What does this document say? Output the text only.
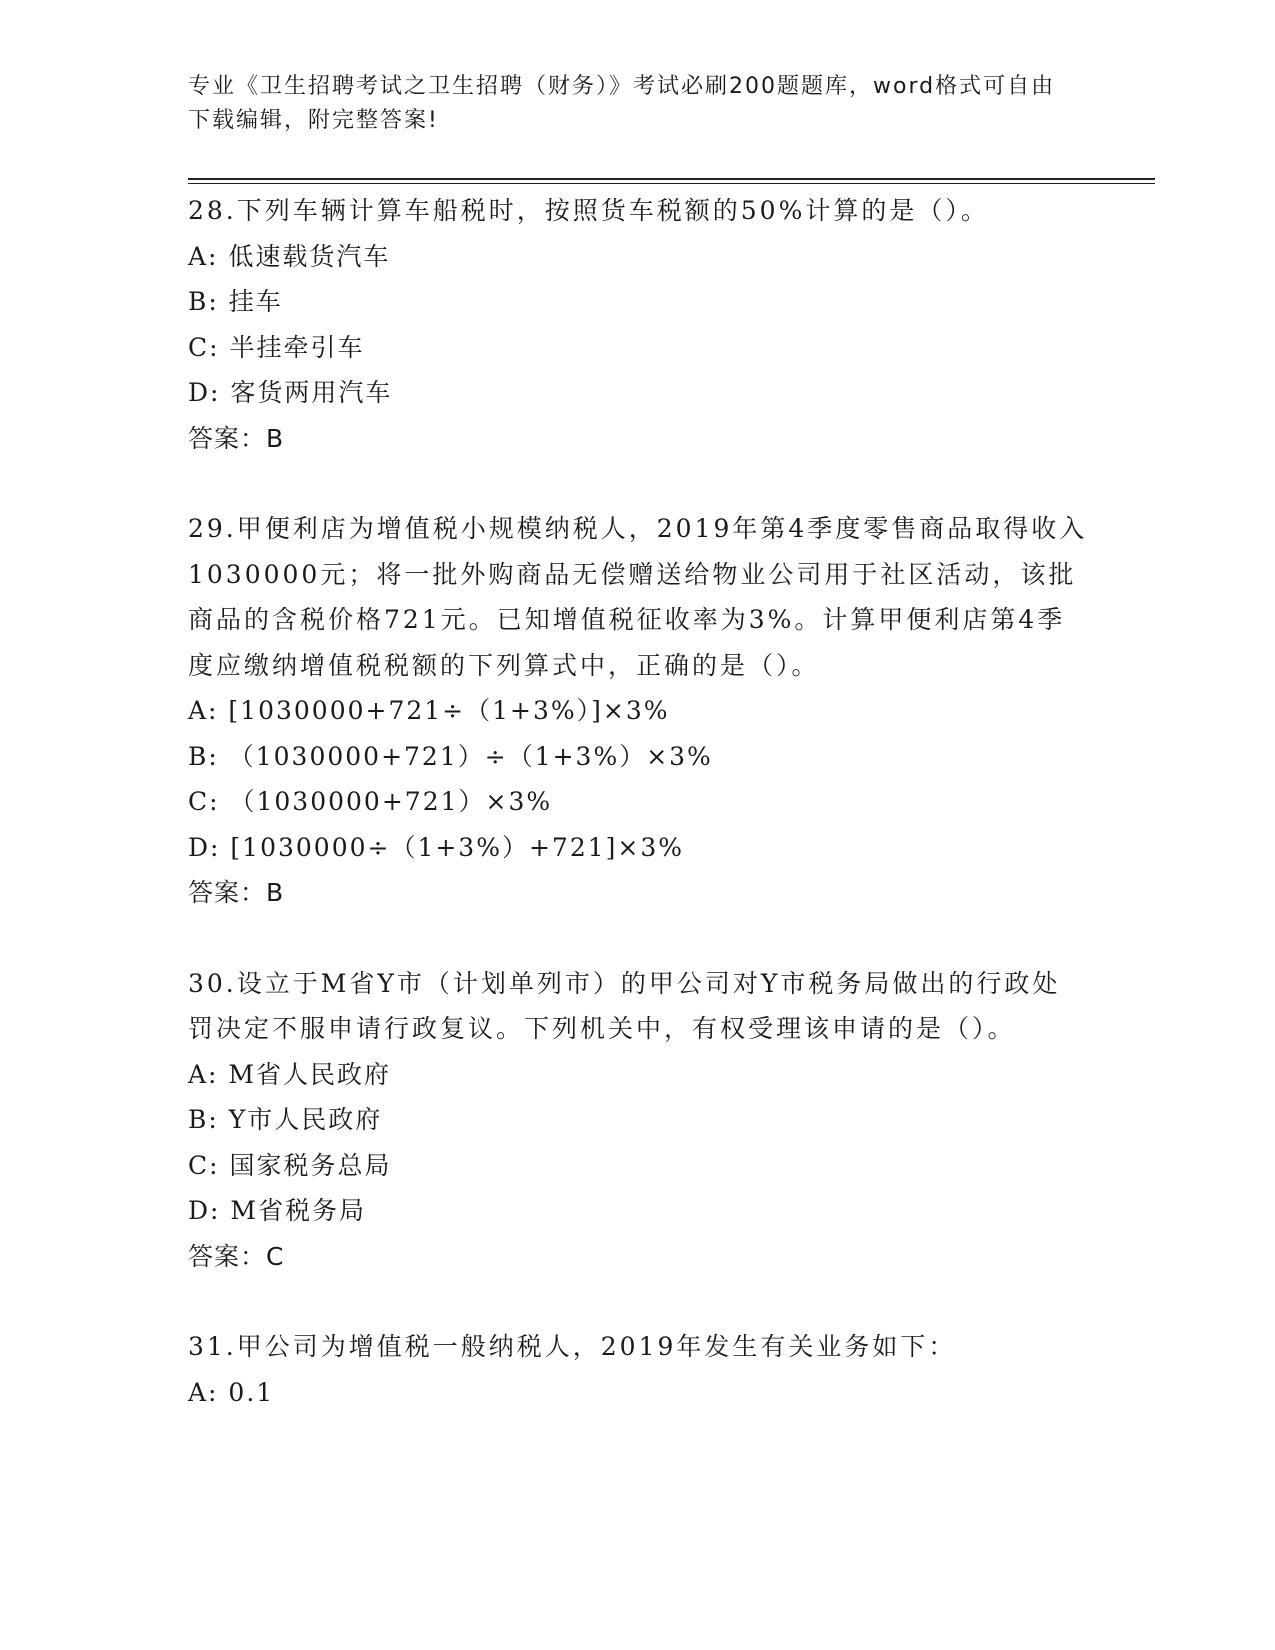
专业《卫生招聘考试之卫生招聘（财务）》考试必刷200题题库，word格式可自由下载编辑，附完整答案!

28.下列车辆计算车船税时，按照货车税额的50%计算的是（）。

A: 低速载货汽车

B: 挂车

C: 半挂牵引车

D: 客货两用汽车

答案：B

29.甲便利店为增值税小规模纳税人，2019年第4季度零售商品取得收入1030000元；将一批外购商品无偿赠送给物业公司用于社区活动，该批商品的含税价格721元。已知增值税征收率为3%。计算甲便利店第4季度应缴纳增值税税额的下列算式中，正确的是（）。

A: [1030000+721÷（1+3%）]×3%

B: （1030000+721）÷（1+3%）×3%

C: （1030000+721）×3%

D: [1030000÷（1+3%）+721]×3%

答案：B

30.设立于M省Y市（计划单列市）的甲公司对Y市税务局做出的行政处罚决定不服申请行政复议。下列机关中，有权受理该申请的是（）。

A: M省人民政府

B: Y市人民政府

C: 国家税务总局

D: M省税务局

答案：C

31.甲公司为增值税一般纳税人，2019年发生有关业务如下：

A: 0.1
